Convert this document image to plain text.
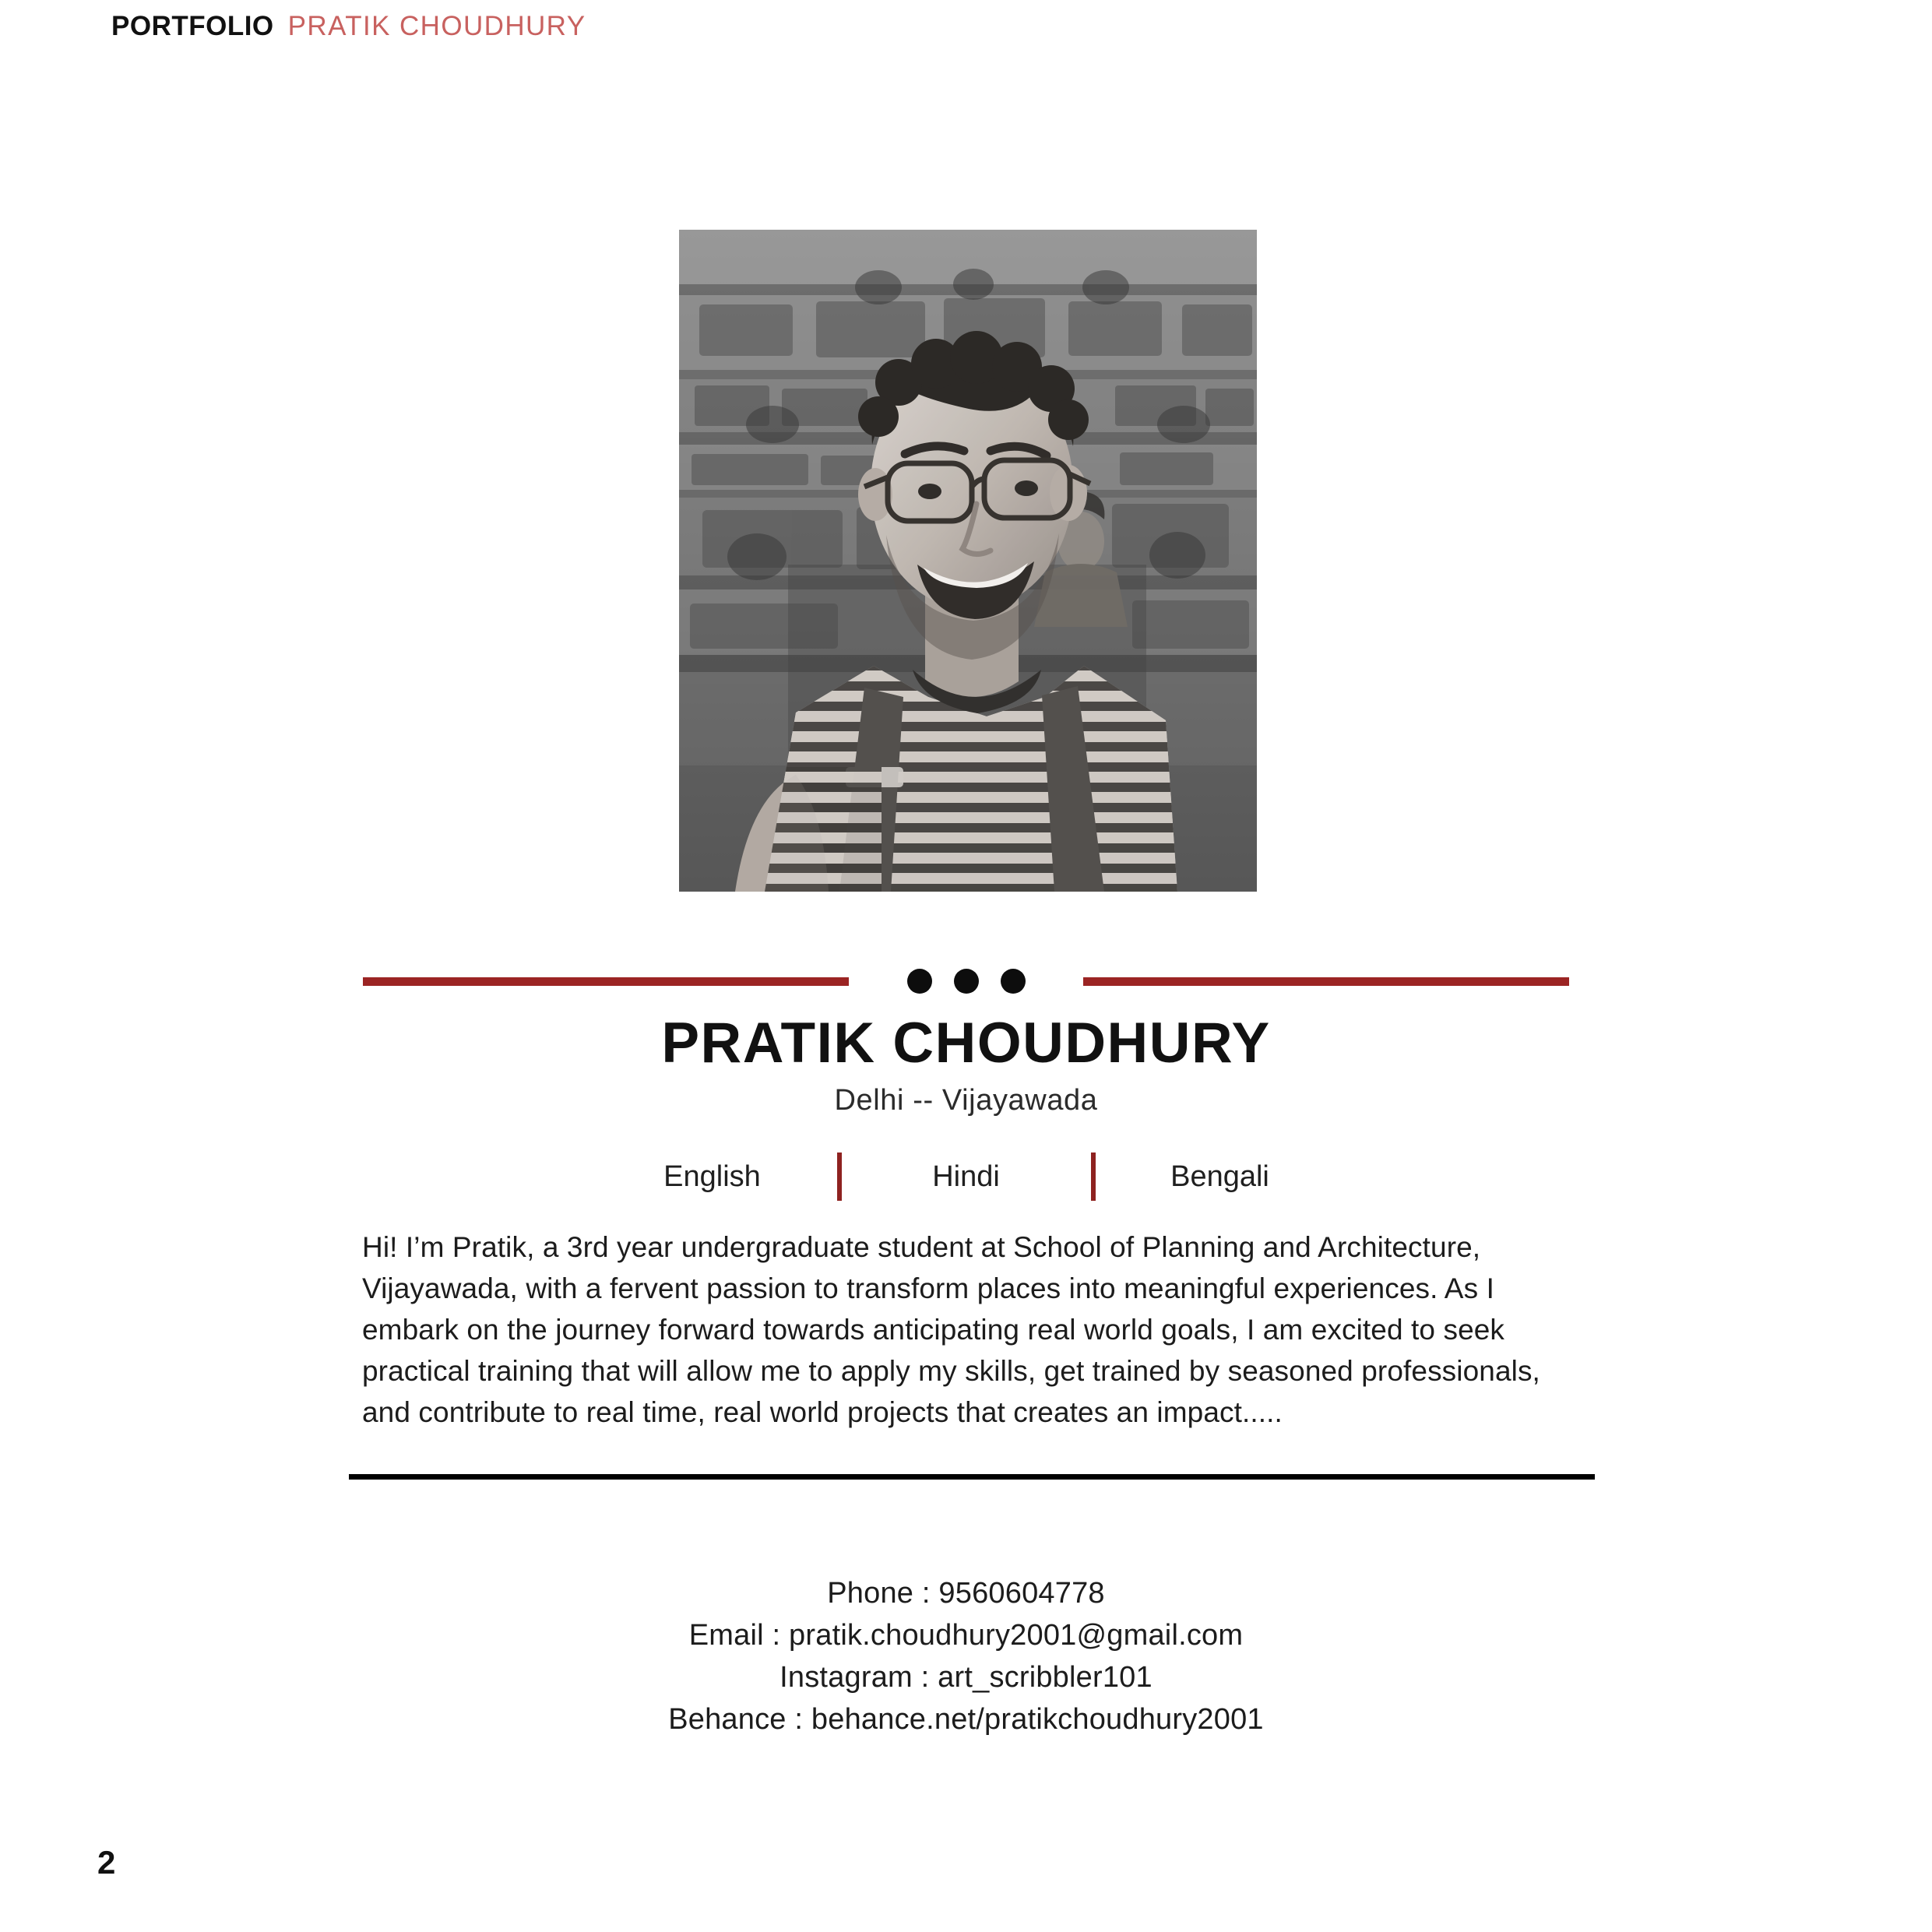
PORTFOLIO PRATIK CHOUDHURY
PRATIK CHOUDHURY
Delhi -- Vijayawada
English	Hindi	Bengali

Hi! I’m Pratik, a 3rd year undergraduate student at School of Planning and Architecture, Vijayawada, with a fervent passion to transform places into meaningful experiences. As I embark on the journey forward towards anticipating real world goals, I am excited to seek practical training that will allow me to apply my skills, get trained by seasoned professionals, and contribute to real time, real world projects that creates an impact.....

Phone : 9560604778
Email : pratik.choudhury2001@gmail.com
Instagram : art_scribbler101
Behance : behance.net/pratikchoudhury2001
2
